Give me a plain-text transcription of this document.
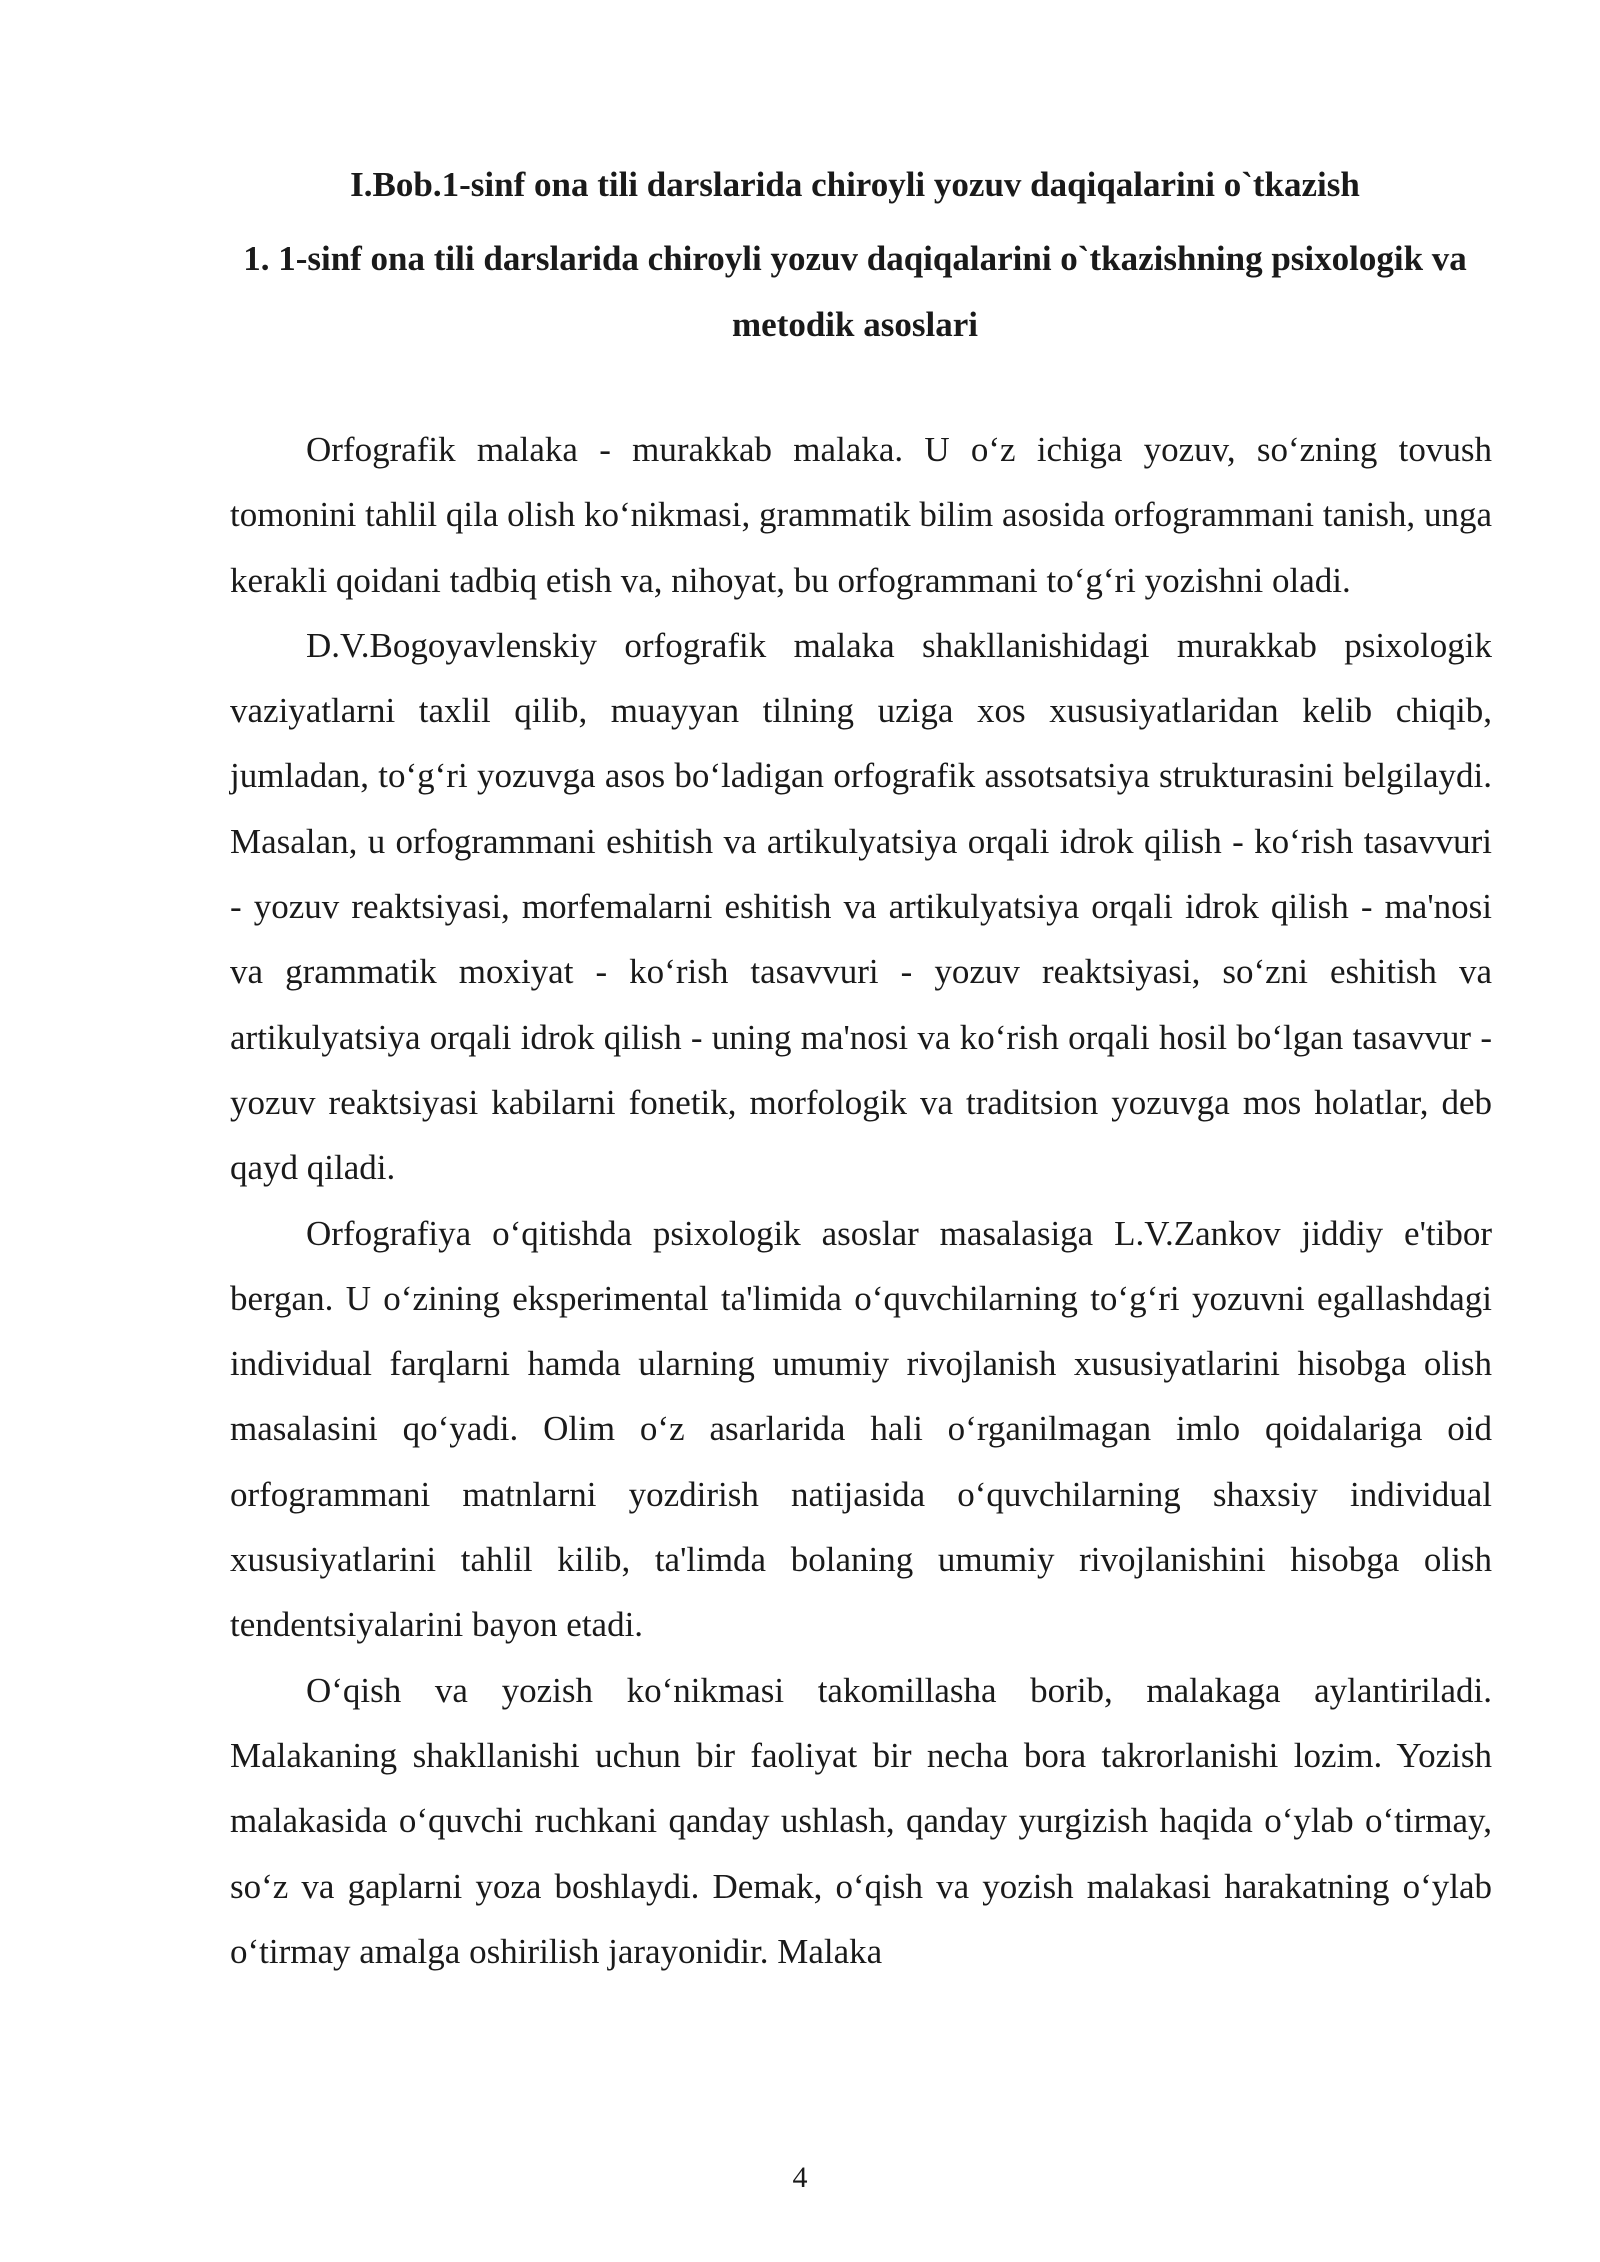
I.Bob.1-sinf ona tili darslarida chiroyli yozuv daqiqalarini o`tkazish
1. 1-sinf ona tili darslarida chiroyli yozuv daqiqalarini o`tkazishning psixologik va metodik asoslari

Orfografik malaka - murakkab malaka. U o‘z ichiga yozuv, so‘zning tovush tomonini tahlil qila olish ko‘nikmasi, grammatik bilim asosida orfogrammani tanish, unga kerakli qoidani tadbiq etish va, nihoyat, bu orfogrammani to‘g‘ri yozishni oladi.

D.V.Bogoyavlenskiy orfografik malaka shakllanishidagi murakkab psixologik vaziyatlarni taxlil qilib, muayyan tilning uziga xos xususiyatlaridan kelib chiqib, jumladan, to‘g‘ri yozuvga asos bo‘ladigan orfografik assotsatsiya strukturasini belgilaydi. Masalan, u orfogrammani eshitish va artikulyatsiya orqali idrok qilish - ko‘rish tasavvuri - yozuv reaktsiyasi, morfemalarni eshitish va artikulyatsiya orqali idrok qilish - ma'nosi va grammatik moxiyat - ko‘rish tasavvuri - yozuv reaktsiyasi, so‘zni eshitish va artikulyatsiya orqali idrok qilish - uning ma'nosi va ko‘rish orqali hosil bo‘lgan tasavvur -yozuv reaktsiyasi kabilarni fonetik, morfologik va traditsion yozuvga mos holatlar, deb qayd qiladi.

Orfografiya o‘qitishda psixologik asoslar masalasiga L.V.Zankov jiddiy e'tibor bergan. U o‘zining eksperimental ta'limida o‘quvchilarning to‘g‘ri yozuvni egallashdagi individual farqlarni hamda ularning umumiy rivojlanish xususiyatlarini hisobga olish masalasini qo‘yadi. Olim o‘z asarlarida hali o‘rganilmagan imlo qoidalariga oid orfogrammani matnlarni yozdirish natijasida o‘quvchilarning shaxsiy individual xususiyatlarini tahlil kilib, ta'limda bolaning umumiy rivojlanishini hisobga olish tendentsiyalarini bayon etadi.

O‘qish va yozish ko‘nikmasi takomillasha borib, malakaga aylantiriladi. Malakaning shakllanishi uchun bir faoliyat bir necha bora takrorlanishi lozim. Yozish malakasida o‘quvchi ruchkani qanday ushlash, qanday yurgizish haqida o‘ylab o‘tirmay, so‘z va gaplarni yoza boshlaydi. Demak, o‘qish va yozish malakasi harakatning o‘ylab o‘tirmay amalga oshirilish jarayonidir. Malaka

4
